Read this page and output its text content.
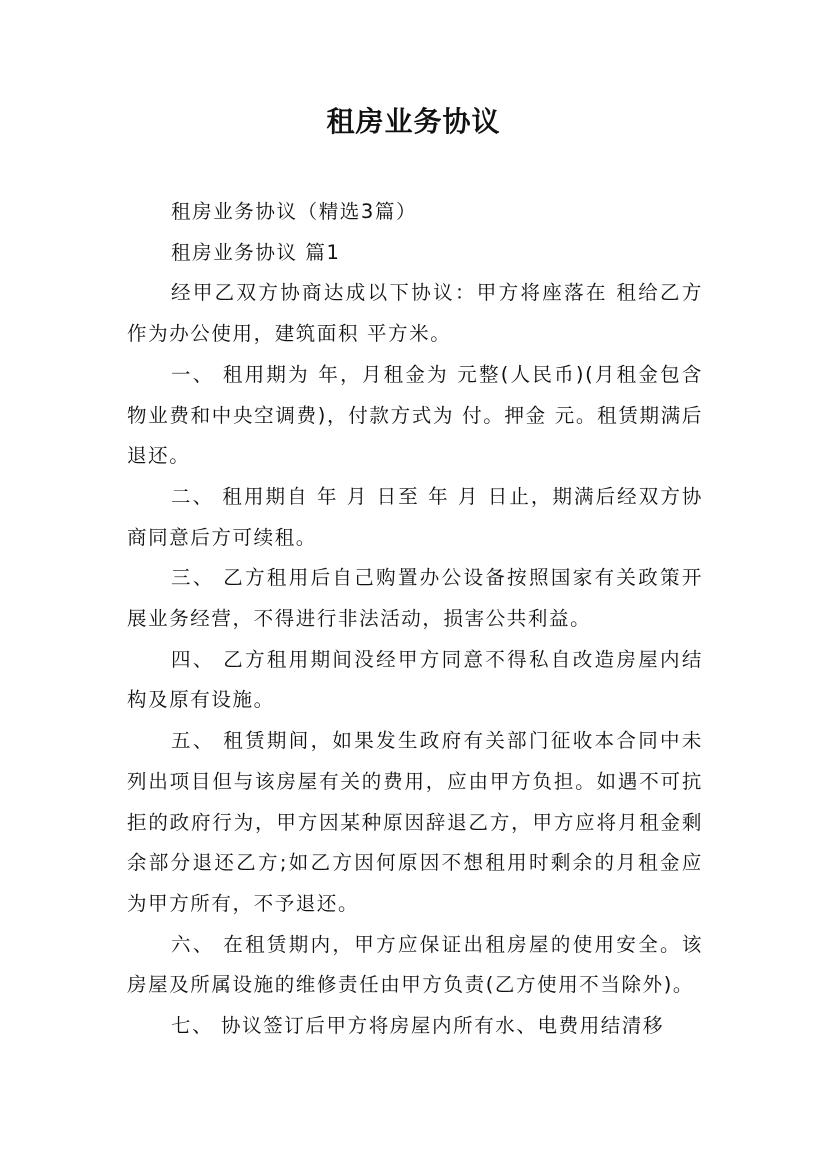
租房业务协议

租房业务协议（精选3篇）

租房业务协议 篇1

经甲乙双方协商达成以下协议：甲方将座落在 租给乙方作为办公使用，建筑面积 平方米。

一、 租用期为 年，月租金为 元整(人民币)(月租金包含物业费和中央空调费)，付款方式为 付。押金 元。租赁期满后退还。

二、 租用期自 年 月 日至 年 月 日止，期满后经双方协商同意后方可续租。

三、 乙方租用后自己购置办公设备按照国家有关政策开展业务经营，不得进行非法活动，损害公共利益。

四、 乙方租用期间没经甲方同意不得私自改造房屋内结构及原有设施。

五、 租赁期间，如果发生政府有关部门征收本合同中未列出项目但与该房屋有关的费用，应由甲方负担。如遇不可抗拒的政府行为，甲方因某种原因辞退乙方，甲方应将月租金剩余部分退还乙方;如乙方因何原因不想租用时剩余的月租金应为甲方所有，不予退还。

六、 在租赁期内，甲方应保证出租房屋的使用安全。该房屋及所属设施的维修责任由甲方负责(乙方使用不当除外)。

七、 协议签订后甲方将房屋内所有水、电费用结清移
